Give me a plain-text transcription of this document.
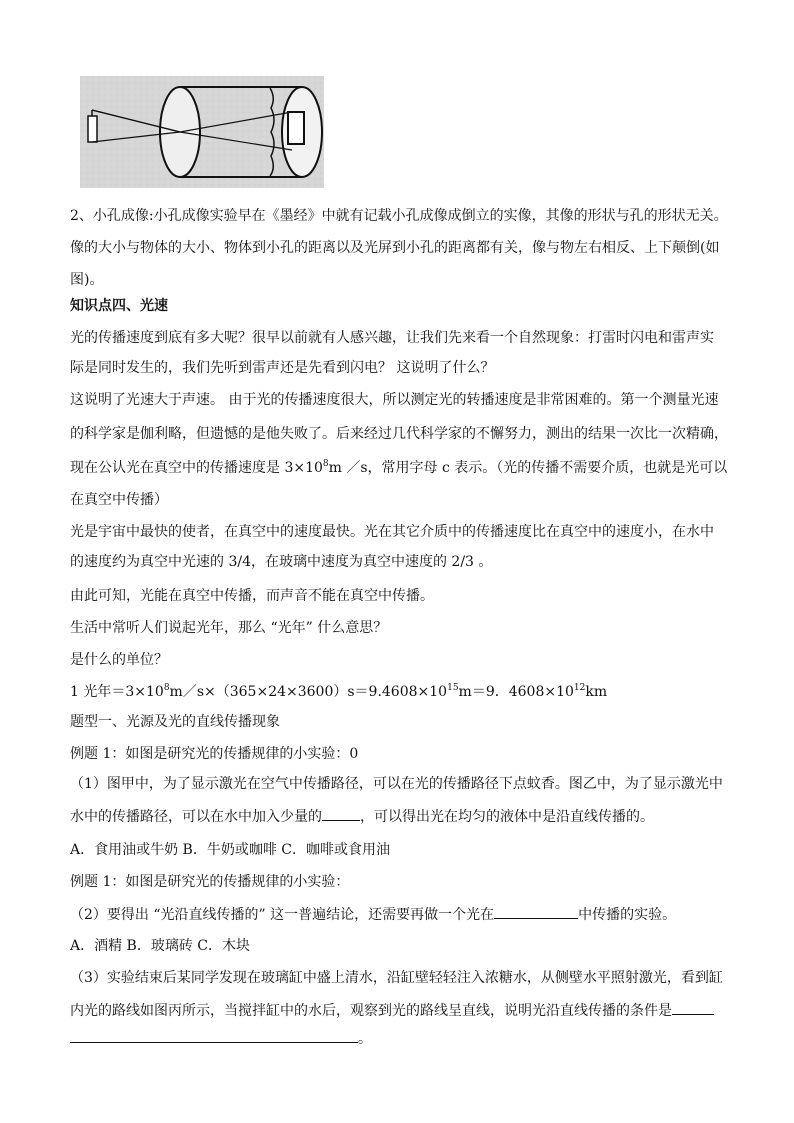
2、小孔成像:小孔成像实验早在《墨经》中就有记载小孔成像成倒立的实像，其像的形状与孔的形状无关。
像的大小与物体的大小、物体到小孔的距离以及光屏到小孔的距离都有关，像与物左右相反、上下颠倒(如
图)。
知识点四、光速
光的传播速度到底有多大呢？很早以前就有人感兴趣，让我们先来看一个自然现象：打雷时闪电和雷声实
际是同时发生的，我们先听到雷声还是先看到闪电？ 这说明了什么？
这说明了光速大于声速。 由于光的传播速度很大，所以测定光的转播速度是非常困难的。第一个测量光速
的科学家是伽利略，但遗憾的是他失败了。后来经过几代科学家的不懈努力，测出的结果一次比一次精确，
现在公认光在真空中的传播速度是 $3\times 10^8m$ ／s，常用字母 c 表示。（光的传播不需要介质，也就是光可以
在真空中传播）
光是宇宙中最快的使者，在真空中的速度最快。光在其它介质中的传播速度比在真空中的速度小，在水中
的速度约为真空中光速的 3/4，在玻璃中速度为真空中速度的 2/3 。
由此可知，光能在真空中传播，而声音不能在真空中传播。
生活中常听人们说起光年，那么 “光年” 什么意思？
是什么的单位？
1 光年$=3\times 10^8m/s\times(365\times 24\times 3600)s=9.4608\times 10^{15}m=9$．$4608\times 10^{12}km$
题型一、光源及光的直线传播现象
例题 1：如图是研究光的传播规律的小实验：0
（1）图甲中，为了显示激光在空气中传播路径，可以在光的传播路径下点蚊香。图乙中，为了显示激光中
水中的传播路径，可以在水中加入少量的	，可以得出光在均匀的液体中是沿直线传播的。
A．食用油或牛奶 B．牛奶或咖啡 C．咖啡或食用油
例题 1：如图是研究光的传播规律的小实验：
（2）要得出 “光沿直线传播的” 这一普遍结论，还需要再做一个光在	中传播的实验。
A．酒精 B．玻璃砖 C．木块
（3）实验结束后某同学发现在玻璃缸中盛上清水，沿缸壁轻轻注入浓糖水，从侧壁水平照射激光，看到缸
内光的路线如图丙所示，当搅拌缸中的水后，观察到光的路线呈直线，说明光沿直线传播的条件是
。
